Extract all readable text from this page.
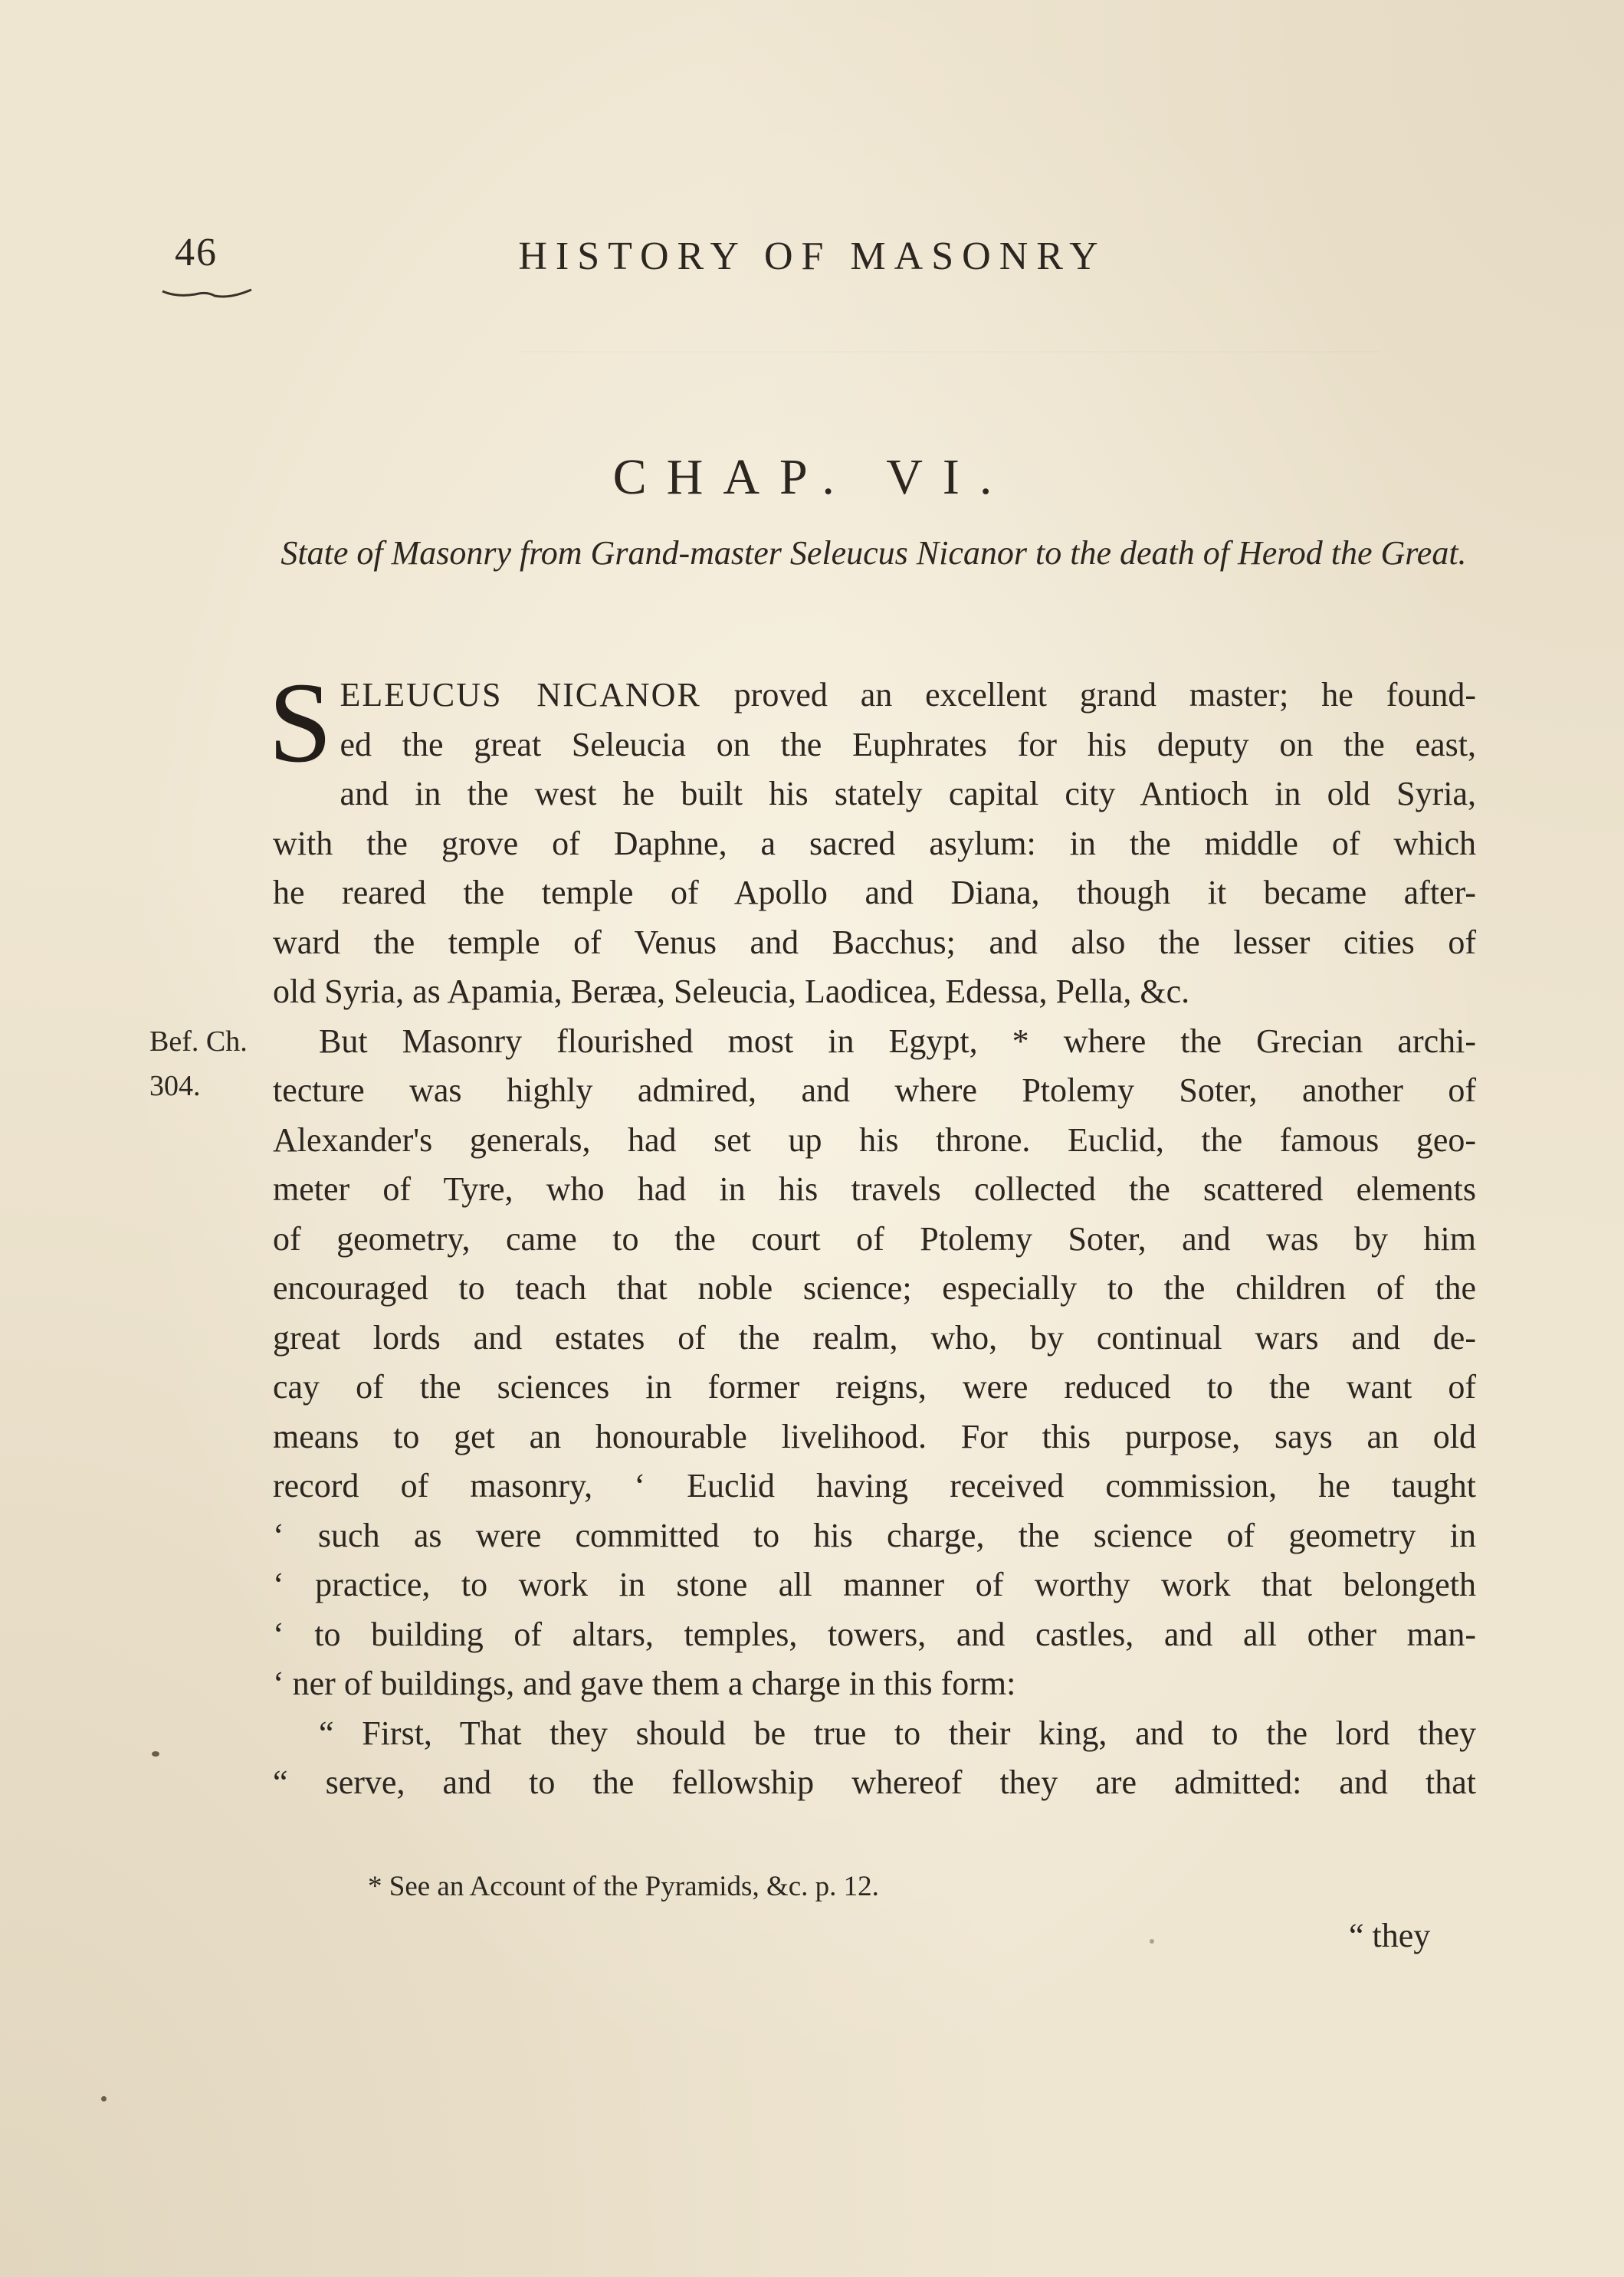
46	HISTORY OF MASONRY
CHAP. VI.
State of Masonry from Grand-master Seleucus Nicanor to the death of Herod the Great.
Bef. Ch.
304.
S ELEUCUS NICANOR proved an excellent grand master; he found-
ed the great Seleucia on the Euphrates for his deputy on the east,
and in the west he built his stately capital city Antioch in old Syria,
with the grove of Daphne, a sacred asylum: in the middle of which
he reared the temple of Apollo and Diana, though it became after-
ward the temple of Venus and Bacchus; and also the lesser cities of
old Syria, as Apamia, Beræa, Seleucia, Laodicea, Edessa, Pella, &c.
But Masonry flourished most in Egypt, * where the Grecian archi-
tecture was highly admired, and where Ptolemy Soter, another of
Alexander's generals, had set up his throne. Euclid, the famous geo-
meter of Tyre, who had in his travels collected the scattered elements
of geometry, came to the court of Ptolemy Soter, and was by him
encouraged to teach that noble science; especially to the children of the
great lords and estates of the realm, who, by continual wars and de-
cay of the sciences in former reigns, were reduced to the want of
means to get an honourable livelihood. For this purpose, says an old
record of masonry, ‘ Euclid having received commission, he taught
‘ such as were committed to his charge, the science of geometry in
‘ practice, to work in stone all manner of worthy work that belongeth
‘ to building of altars, temples, towers, and castles, and all other man-
‘ ner of buildings, and gave them a charge in this form:
“ First, That they should be true to their king, and to the lord they
“ serve, and to the fellowship whereof they are admitted: and that
* See an Account of the Pyramids, &c. p. 12.
“ they
